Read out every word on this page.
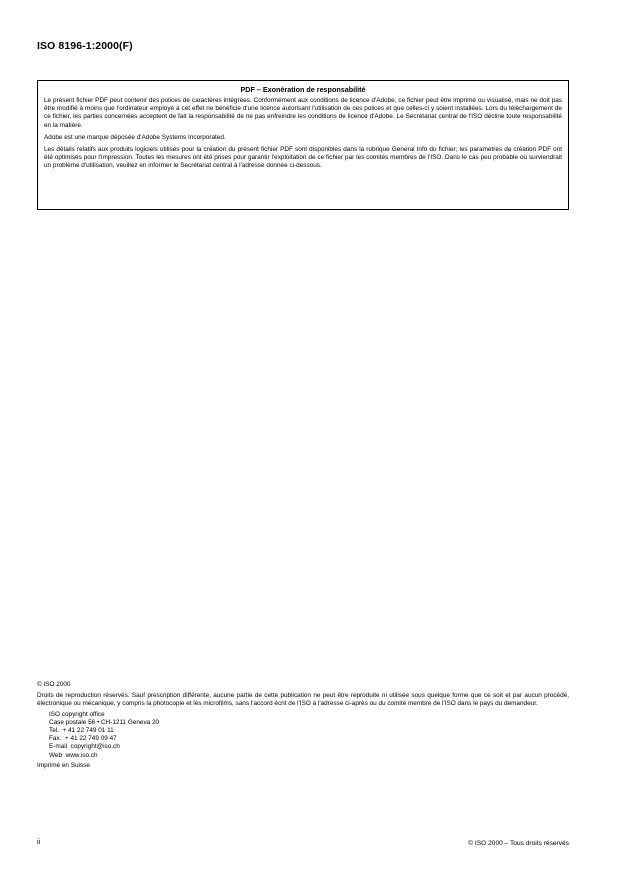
ISO 8196-1:2000(F)
PDF – Exonération de responsabilité

Le présent fichier PDF peut contenir des polices de caractères intégrées. Conformément aux conditions de licence d'Adobe, ce fichier peut être imprimé ou visualisé, mais ne doit pas être modifié à moins que l'ordinateur employé à cet effet ne bénéficie d'une licence autorisant l'utilisation de ces polices et que celles-ci y soient installées. Lors du téléchargement de ce fichier, les parties concernées acceptent de fait la responsabilité de ne pas enfreindre les conditions de licence d'Adobe. Le Secrétariat central de l'ISO décline toute responsabilité en la matière.

Adobe est une marque déposée d'Adobe Systems Incorporated.

Les détails relatifs aux produits logiciels utilisés pour la création du présent fichier PDF sont disponibles dans la rubrique General Info du fichier; les paramètres de création PDF ont été optimisés pour l'impression. Toutes les mesures ont été prises pour garantir l'exploitation de ce fichier par les comités membres de l'ISO. Dans le cas peu probable où surviendrait un problème d'utilisation, veuillez en informer le Secrétariat central à l'adresse donnée ci-dessous.

© ISO 2000

Droits de reproduction réservés. Sauf prescription différente, aucune partie de cette publication ne peut être reproduite ni utilisée sous quelque forme que ce soit et par aucun procédé, électronique ou mécanique, y compris la photocopie et les microfilms, sans l'accord écrit de l'ISO à l'adresse ci-après ou du comité membre de l'ISO dans le pays du demandeur.

ISO copyright office
Case postale 56 • CH-1211 Geneva 20
Tel.  + 41 22 749 01 11
Fax.  + 41 22 749 09 47
E-mail  copyright@iso.ch
Web  www.iso.ch

Imprimé en Suisse

ii	© ISO 2000 – Tous droits réservés
